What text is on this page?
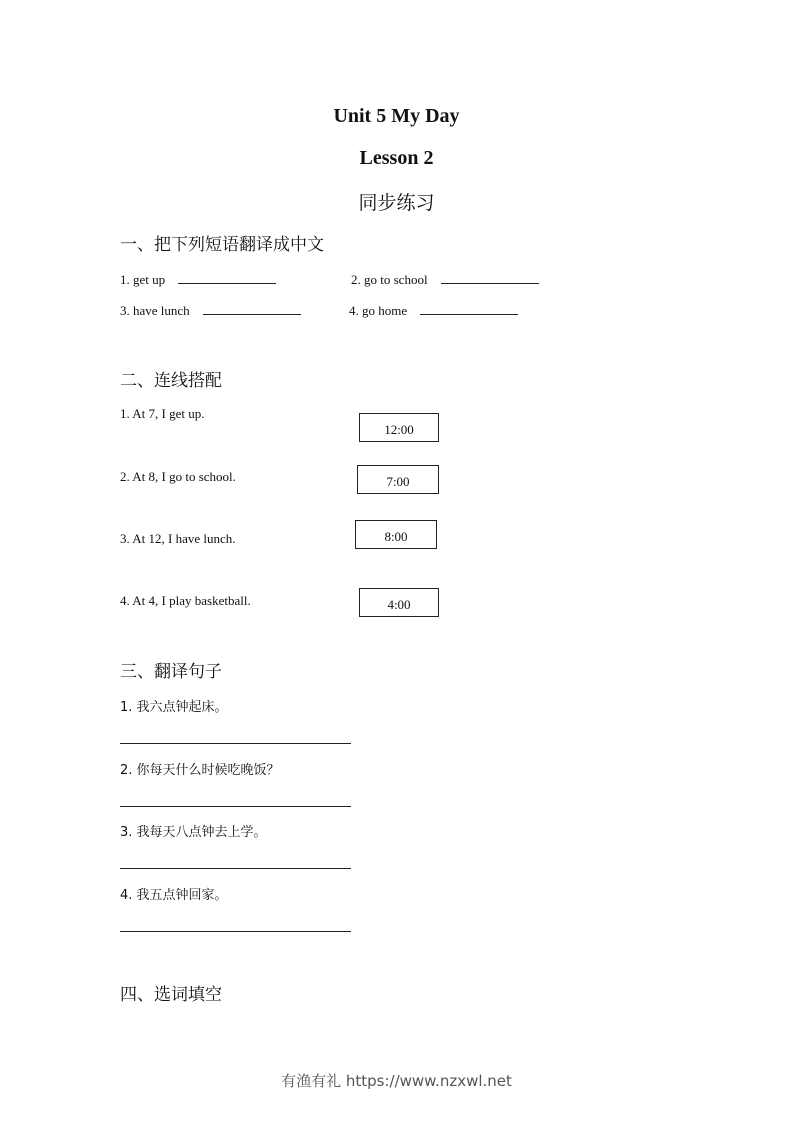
Unit 5 My Day
Lesson 2
同步练习
一、把下列短语翻译成中文
1. get up	2. go to school
3. have lunch	4. go home
二、连线搭配
1. At 7, I get up.
2. At 8, I go to school.
3. At 12, I have lunch.
4. At 4, I play basketball.
12:00
7:00
8:00
4:00
三、翻译句子
1. 我六点钟起床。
2. 你每天什么时候吃晚饭？
3. 我每天八点钟去上学。
4. 我五点钟回家。
四、选词填空
有渔有礼 https://www.nzxwl.net
